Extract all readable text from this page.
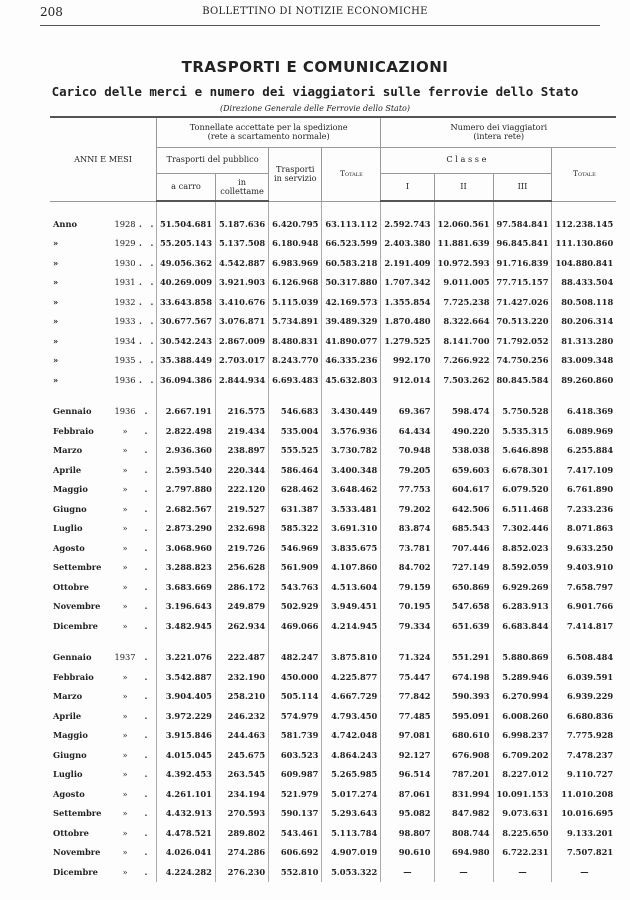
208	BOLLETTINO DI NOTIZIE ECONOMICHE
TRASPORTI E COMUNICAZIONI
Carico delle merci e numero dei viaggiatori sulle ferrovie dello Stato
(Direzione Generale delle Ferrovie dello Stato)
ANNI E MESI	Tonnellate accettate per la spedizione
(rete a scartamento normale)				Numero dei viaggiatori
(intera rete)			
	Trasporti del pubblico		Trasporti in servizio	Totale	C l a s s e			Totale
	a carro	in collettame			I	II	III	

Anno 1928 .   .	51.504.681	5.187.636	6.420.795	63.113.112	2.592.743	12.060.561	97.584.841	112.238.145
» 1929 .   .	55.205.143	5.137.508	6.180.948	66.523.599	2.403.380	11.881.639	96.845.841	111.130.860
» 1930 .   .	49.056.362	4.542.887	6.983.969	60.583.218	2.191.409	10.972.593	91.716.839	104.880.841
» 1931 .   .	40.269.009	3.921.903	6.126.968	50.317.880	1.707.342	9.011.005	77.715.157	88.433.504
» 1932 .   .	33.643.858	3.410.676	5.115.039	42.169.573	1.355.854	7.725.238	71.427.026	80.508.118
» 1933 .   .	30.677.567	3.076.871	5.734.891	39.489.329	1.870.480	8.322.664	70.513.220	80.206.314
» 1934 .   .	30.542.243	2.867.009	8.480.831	41.890.077	1.279.525	8.141.700	71.792.052	81.313.280
» 1935 .   .	35.388.449	2.703.017	8.243.770	46.335.236	992.170	7.266.922	74.750.256	83.009.348
» 1936 .   .	36.094.386	2.844.934	6.693.483	45.632.803	912.014	7.503.262	80.845.584	89.260.860

Gennaio 1936 .	2.667.191	216.575	546.683	3.430.449	69.367	598.474	5.750.528	6.418.369
Febbraio » .	2.822.498	219.434	535.004	3.576.936	64.434	490.220	5.535.315	6.089.969
Marzo » .	2.936.360	238.897	555.525	3.730.782	70.948	538.038	5.646.898	6.255.884
Aprile » .	2.593.540	220.344	586.464	3.400.348	79.205	659.603	6.678.301	7.417.109
Maggio » .	2.797.880	222.120	628.462	3.648.462	77.753	604.617	6.079.520	6.761.890
Giugno » .	2.682.567	219.527	631.387	3.533.481	79.202	642.506	6.511.468	7.233.236
Luglio » .	2.873.290	232.698	585.322	3.691.310	83.874	685.543	7.302.446	8.071.863
Agosto » .	3.068.960	219.726	546.969	3.835.675	73.781	707.446	8.852.023	9.633.250
Settembre » .	3.288.823	256.628	561.909	4.107.860	84.702	727.149	8.592.059	9.403.910
Ottobre » .	3.683.669	286.172	543.763	4.513.604	79.159	650.869	6.929.269	7.658.797
Novembre » .	3.196.643	249.879	502.929	3.949.451	70.195	547.658	6.283.913	6.901.766
Dicembre » .	3.482.945	262.934	469.066	4.214.945	79.334	651.639	6.683.844	7.414.817

Gennaio 1937 .	3.221.076	222.487	482.247	3.875.810	71.324	551.291	5.880.869	6.508.484
Febbraio » .	3.542.887	232.190	450.000	4.225.877	75.447	674.198	5.289.946	6.039.591
Marzo » .	3.904.405	258.210	505.114	4.667.729	77.842	590.393	6.270.994	6.939.229
Aprile » .	3.972.229	246.232	574.979	4.793.450	77.485	595.091	6.008.260	6.680.836
Maggio » .	3.915.846	244.463	581.739	4.742.048	97.081	680.610	6.998.237	7.775.928
Giugno » .	4.015.045	245.675	603.523	4.864.243	92.127	676.908	6.709.202	7.478.237
Luglio » .	4.392.453	263.545	609.987	5.265.985	96.514	787.201	8.227.012	9.110.727
Agosto » .	4.261.101	234.194	521.979	5.017.274	87.061	831.994	10.091.153	11.010.208
Settembre » .	4.432.913	270.593	590.137	5.293.643	95.082	847.982	9.073.631	10.016.695
Ottobre » .	4.478.521	289.802	543.461	5.113.784	98.807	808.744	8.225.650	9.133.201
Novembre » .	4.026.041	274.286	606.692	4.907.019	90.610	694.980	6.722.231	7.507.821
Dicembre » .	4.224.282	276.230	552.810	5.053.322	—	—	—	—
